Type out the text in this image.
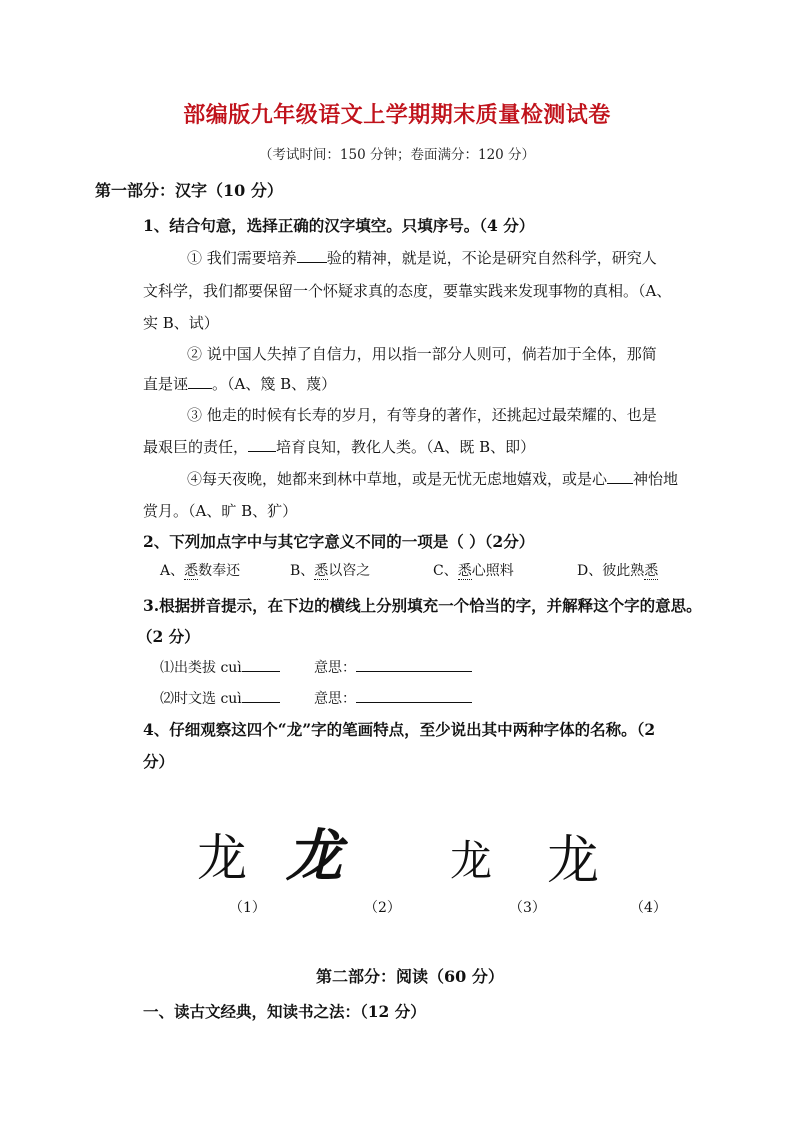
部编版九年级语文上学期期末质量检测试卷
（考试时间：150 分钟；卷面满分：120 分）
第一部分：汉字（10 分）
1、结合句意，选择正确的汉字填空。只填序号。（4 分）
① 我们需要培养 验的精神，就是说，不论是研究自然科学，研究人
文科学，我们都要保留一个怀疑求真的态度，要靠实践来发现事物的真相。（A、
实 B、试）
② 说中国人失掉了自信力，用以指一部分人则可，倘若加于全体，那简
直是诬 。（A、篾 B、蔑）
③ 他走的时候有长寿的岁月，有等身的著作，还挑起过最荣耀的、也是
最艰巨的责任， 培育良知，教化人类。（A、既 B、即）
④每天夜晚，她都来到林中草地，或是无忧无虑地嬉戏，或是心 神怡地
赏月。（A、旷 B、犷）
2、下列加点字中与其它字意义不同的一项是（ ）（2分）
A、悉数奉还	B、悉以咨之	C、悉心照料	D、彼此熟悉
3.根据拼音提示，在下边的横线上分别填充一个恰当的字，并解释这个字的意思。
（2 分）
⑴出类拔 cuì	意思：
⑵时文选 cuì	意思：
4、仔细观察这四个“龙”字的笔画特点，至少说出其中两种字体的名称。（2
分）
龙 龙	龙 龙
（1）	（2）	（3）	（4）
第二部分：阅读（60 分）
一、读古文经典，知读书之法：（12 分）
